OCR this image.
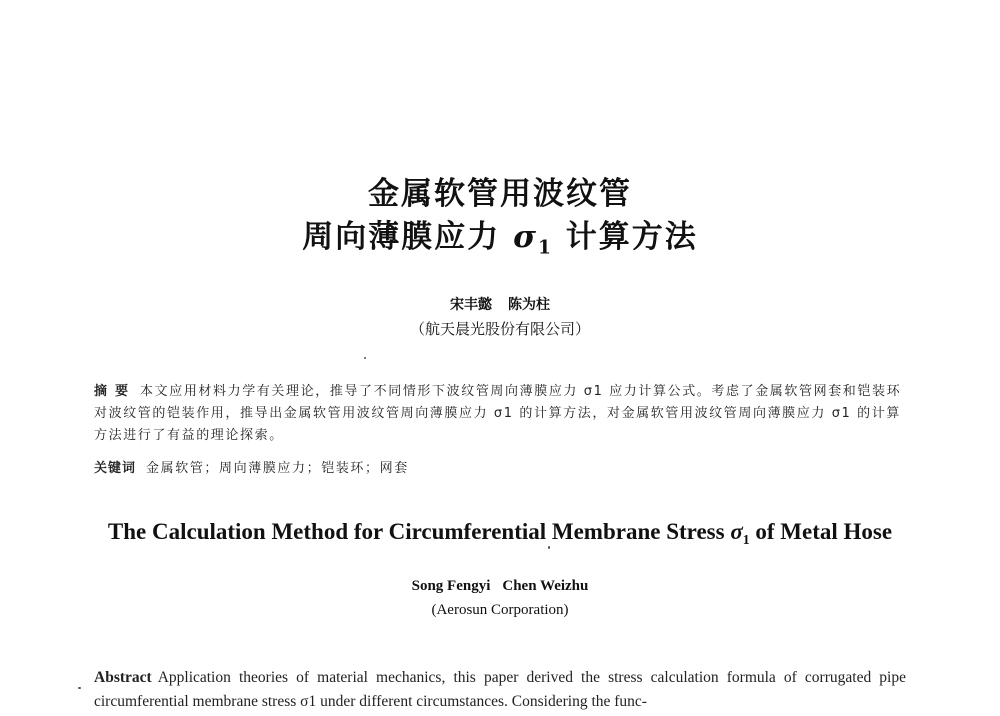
金属软管用波纹管
周向薄膜应力 $\sigma_1$ 计算方法
宋丰懿 陈为柱
（航天晨光股份有限公司）
摘要 本文应用材料力学有关理论，推导了不同情形下波纹管周向薄膜应力 σ1 应力计算公式。考虑了金属软管网套和铠装环对波纹管的铠装作用，推导出金属软管用波纹管周向薄膜应力 σ1 的计算方法，对金属软管用波纹管周向薄膜应力 σ1 的计算方法进行了有益的理论探索。
关键词 金属软管；周向薄膜应力；铠装环；网套
The Calculation Method for Circumferential Membrane Stress $\sigma_1$ of Metal Hose
Song Fengyi Chen Weizhu
(Aerosun Corporation)
Abstract Application theories of material mechanics, this paper derived the stress calculation formula of corrugated pipe circumferential membrane stress σ1 under different circumstances. Considering the func-
